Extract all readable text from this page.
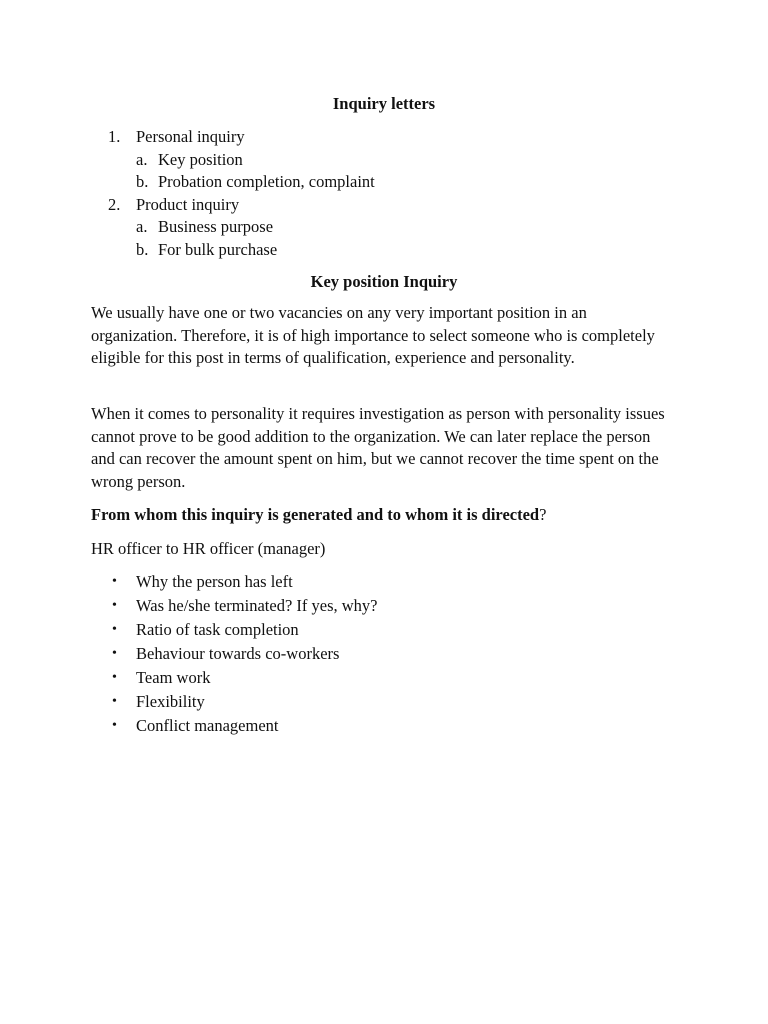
Inquiry letters
1. Personal inquiry
a. Key position
b. Probation completion, complaint
2. Product inquiry
a. Business purpose
b. For bulk purchase
Key position Inquiry

We usually have one or two vacancies on any very important position in an organization. Therefore, it is of high importance to select someone who is completely eligible for this post in terms of qualification, experience and personality.

When it comes to personality it requires investigation as person with personality issues cannot prove to be good addition to the organization. We can later replace the person and can recover the amount spent on him, but we cannot recover the time spent on the wrong person.

From whom this inquiry is generated and to whom it is directed?
HR officer to HR officer (manager)
•	Why the person has left
•	Was he/she terminated? If yes, why?
•	Ratio of task completion
•	Behaviour towards co-workers
•	Team work
•	Flexibility
•	Conflict management
